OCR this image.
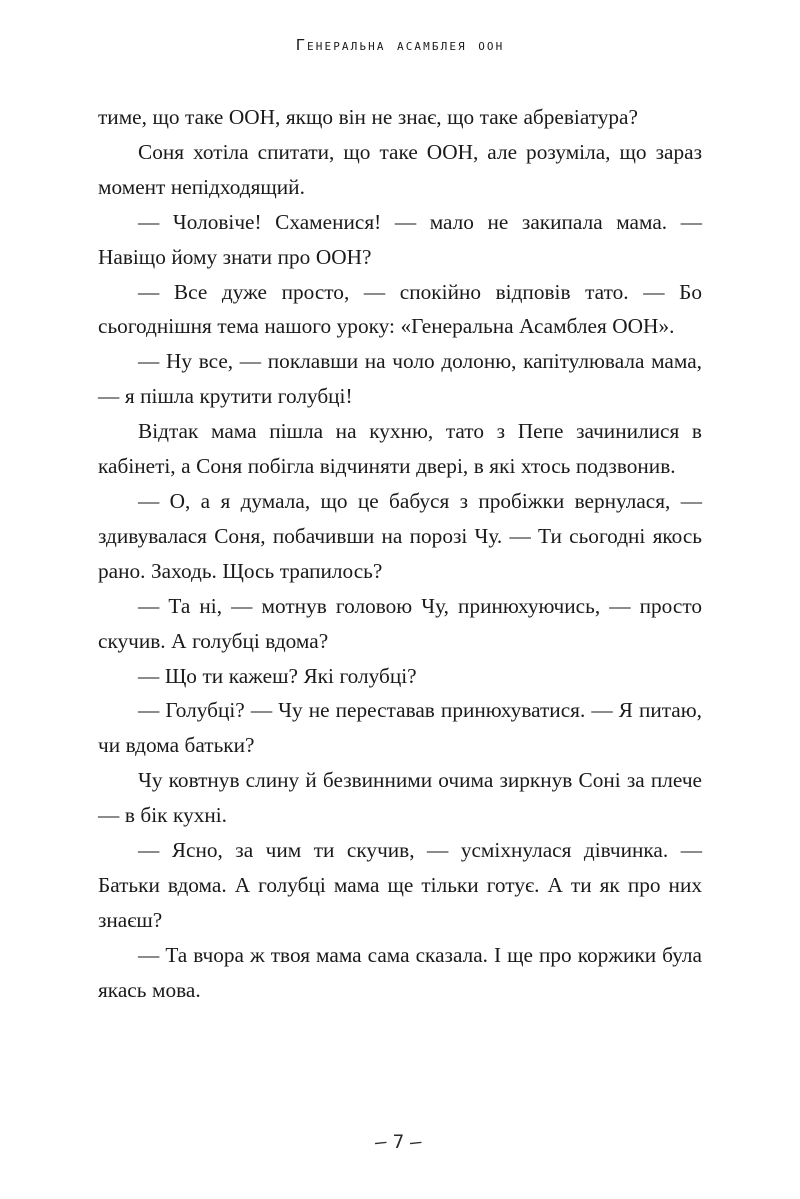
Генеральна асамблея оон

тиме, що таке ООН, якщо він не знає, що таке абревіатура?

Соня хотіла спитати, що таке ООН, але розуміла, що зараз момент непідходящий.

— Чоловіче! Схаменися! — мало не закипала мама. — Навіщо йому знати про ООН?

— Все дуже просто, — спокійно відповів тато. — Бо сьогоднішня тема нашого уроку: «Генеральна Асамблея ООН».

— Ну все, — поклавши на чоло долоню, капітулювала мама, — я пішла крутити голубці!

Відтак мама пішла на кухню, тато з Пепе зачинилися в кабінеті, а Соня побігла відчиняти двері, в які хтось подзвонив.

— О, а я думала, що це бабуся з пробіжки вернулася, — здивувалася Соня, побачивши на порозі Чу. — Ти сьогодні якось рано. Заходь. Щось трапилось?

— Та ні, — мотнув головою Чу, принюхуючись, — просто скучив. А голубці вдома?

— Що ти кажеш? Які голубці?

— Голубці? — Чу не переставав принюхуватися. — Я питаю, чи вдома батьки?

Чу ковтнув слину й безвинними очима зиркнув Соні за плече — в бік кухні.

— Ясно, за чим ти скучив, — усміхнулася дівчинка. — Батьки вдома. А голубці мама ще тільки готує. А ти як про них знаєш?

— Та вчора ж твоя мама сама сказала. І ще про коржики була якась мова.

—7—
